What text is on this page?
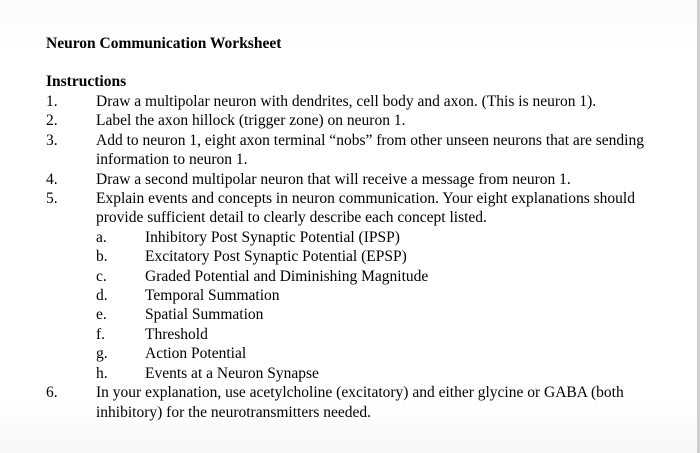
Neuron Communication Worksheet
Instructions
1.	Draw a multipolar neuron with dendrites, cell body and axon. (This is neuron 1).
2.	Label the axon hillock (trigger zone) on neuron 1.
3.	Add to neuron 1, eight axon terminal “nobs” from other unseen neurons that are sending information to neuron 1.
4.	Draw a second multipolar neuron that will receive a message from neuron 1.
5.	Explain events and concepts in neuron communication. Your eight explanations should provide sufficient detail to clearly describe each concept listed.
a.	Inhibitory Post Synaptic Potential (IPSP)
b.	Excitatory Post Synaptic Potential (EPSP)
c.	Graded Potential and Diminishing Magnitude
d.	Temporal Summation
e.	Spatial Summation
f.	Threshold
g.	Action Potential
h.	Events at a Neuron Synapse
6.	In your explanation, use acetylcholine (excitatory) and either glycine or GABA (both inhibitory) for the neurotransmitters needed.
